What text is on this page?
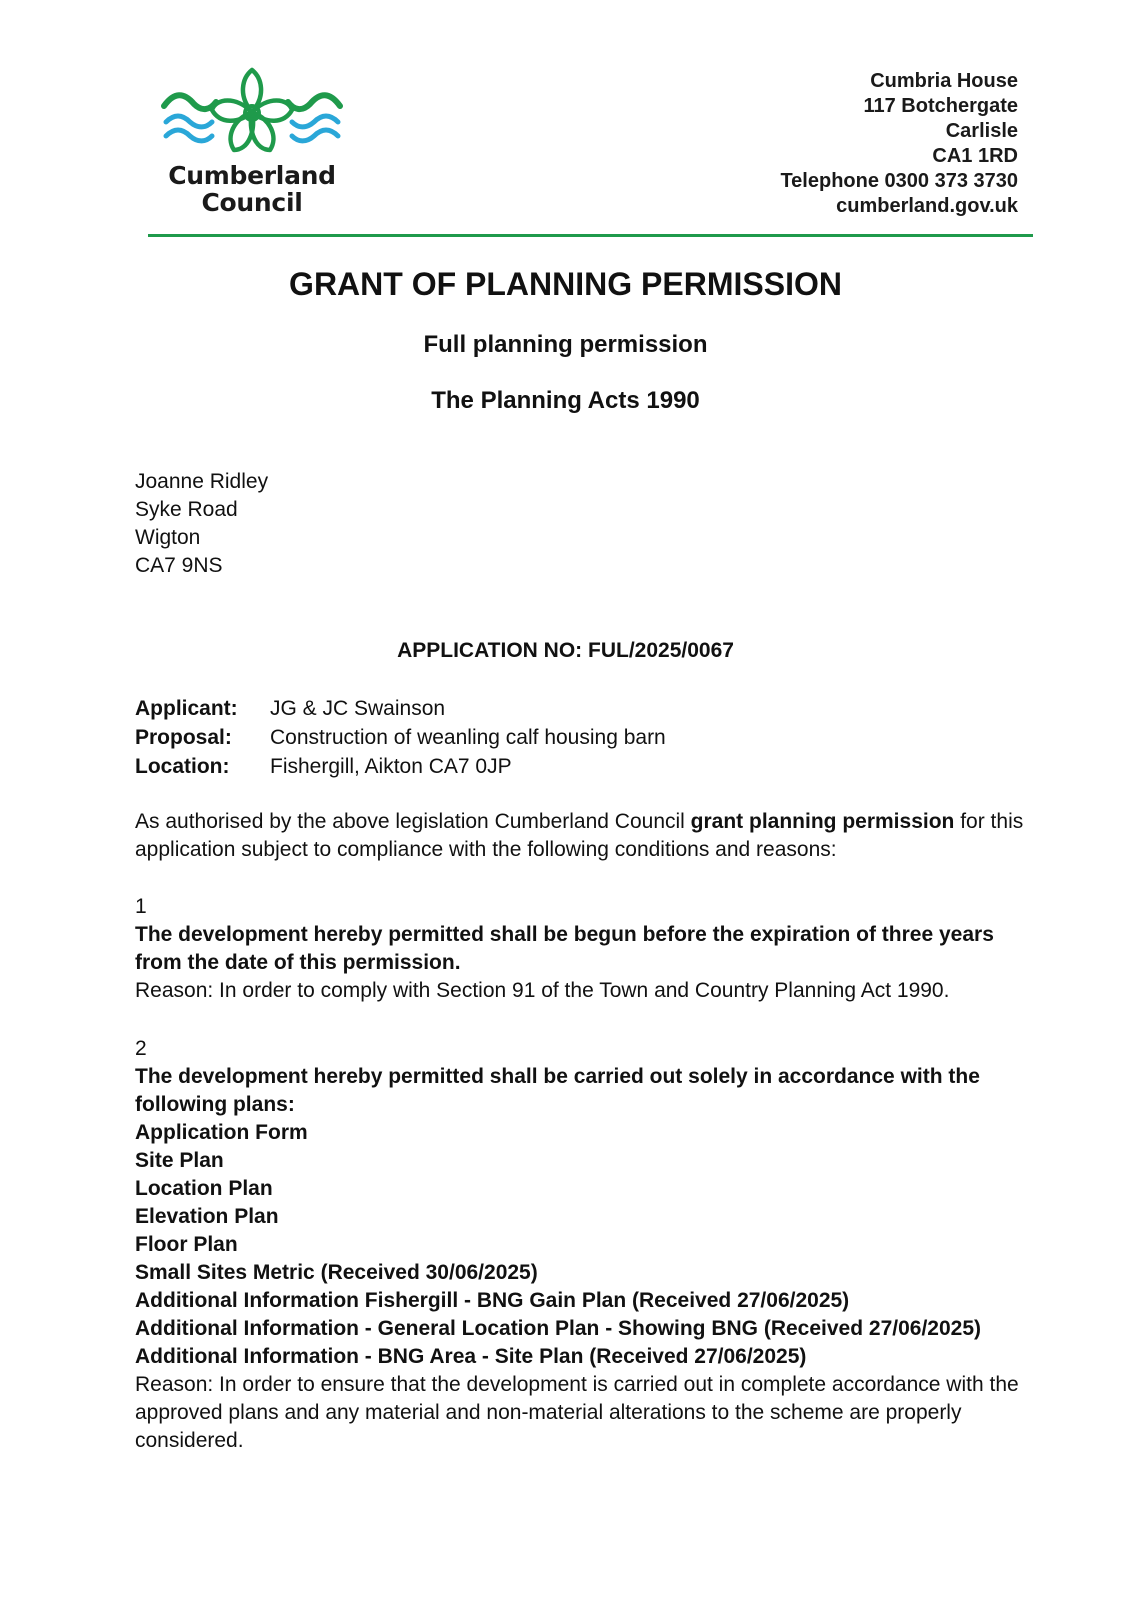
Cumberland
Council
Cumbria House
117 Botchergate
Carlisle
CA1 1RD
Telephone 0300 373 3730
cumberland.gov.uk
GRANT OF PLANNING PERMISSION
Full planning permission
The Planning Acts 1990
Joanne Ridley
Syke Road
Wigton
CA7 9NS
APPLICATION NO: FUL/2025/0067
Applicant:	JG & JC Swainson
Proposal:	Construction of weanling calf housing barn
Location:	Fishergill, Aikton CA7 0JP
As authorised by the above legislation Cumberland Council grant planning permission for this application subject to compliance with the following conditions and reasons:
1
The development hereby permitted shall be begun before the expiration of three years from the date of this permission.
Reason: In order to comply with Section 91 of the Town and Country Planning Act 1990.
2
The development hereby permitted shall be carried out solely in accordance with the following plans:
Application Form
Site Plan
Location Plan
Elevation Plan
Floor Plan
Small Sites Metric (Received 30/06/2025)
Additional Information Fishergill - BNG Gain Plan (Received 27/06/2025)
Additional Information - General Location Plan - Showing BNG (Received 27/06/2025)
Additional Information - BNG Area - Site Plan (Received 27/06/2025)
Reason: In order to ensure that the development is carried out in complete accordance with the approved plans and any material and non-material alterations to the scheme are properly considered.
